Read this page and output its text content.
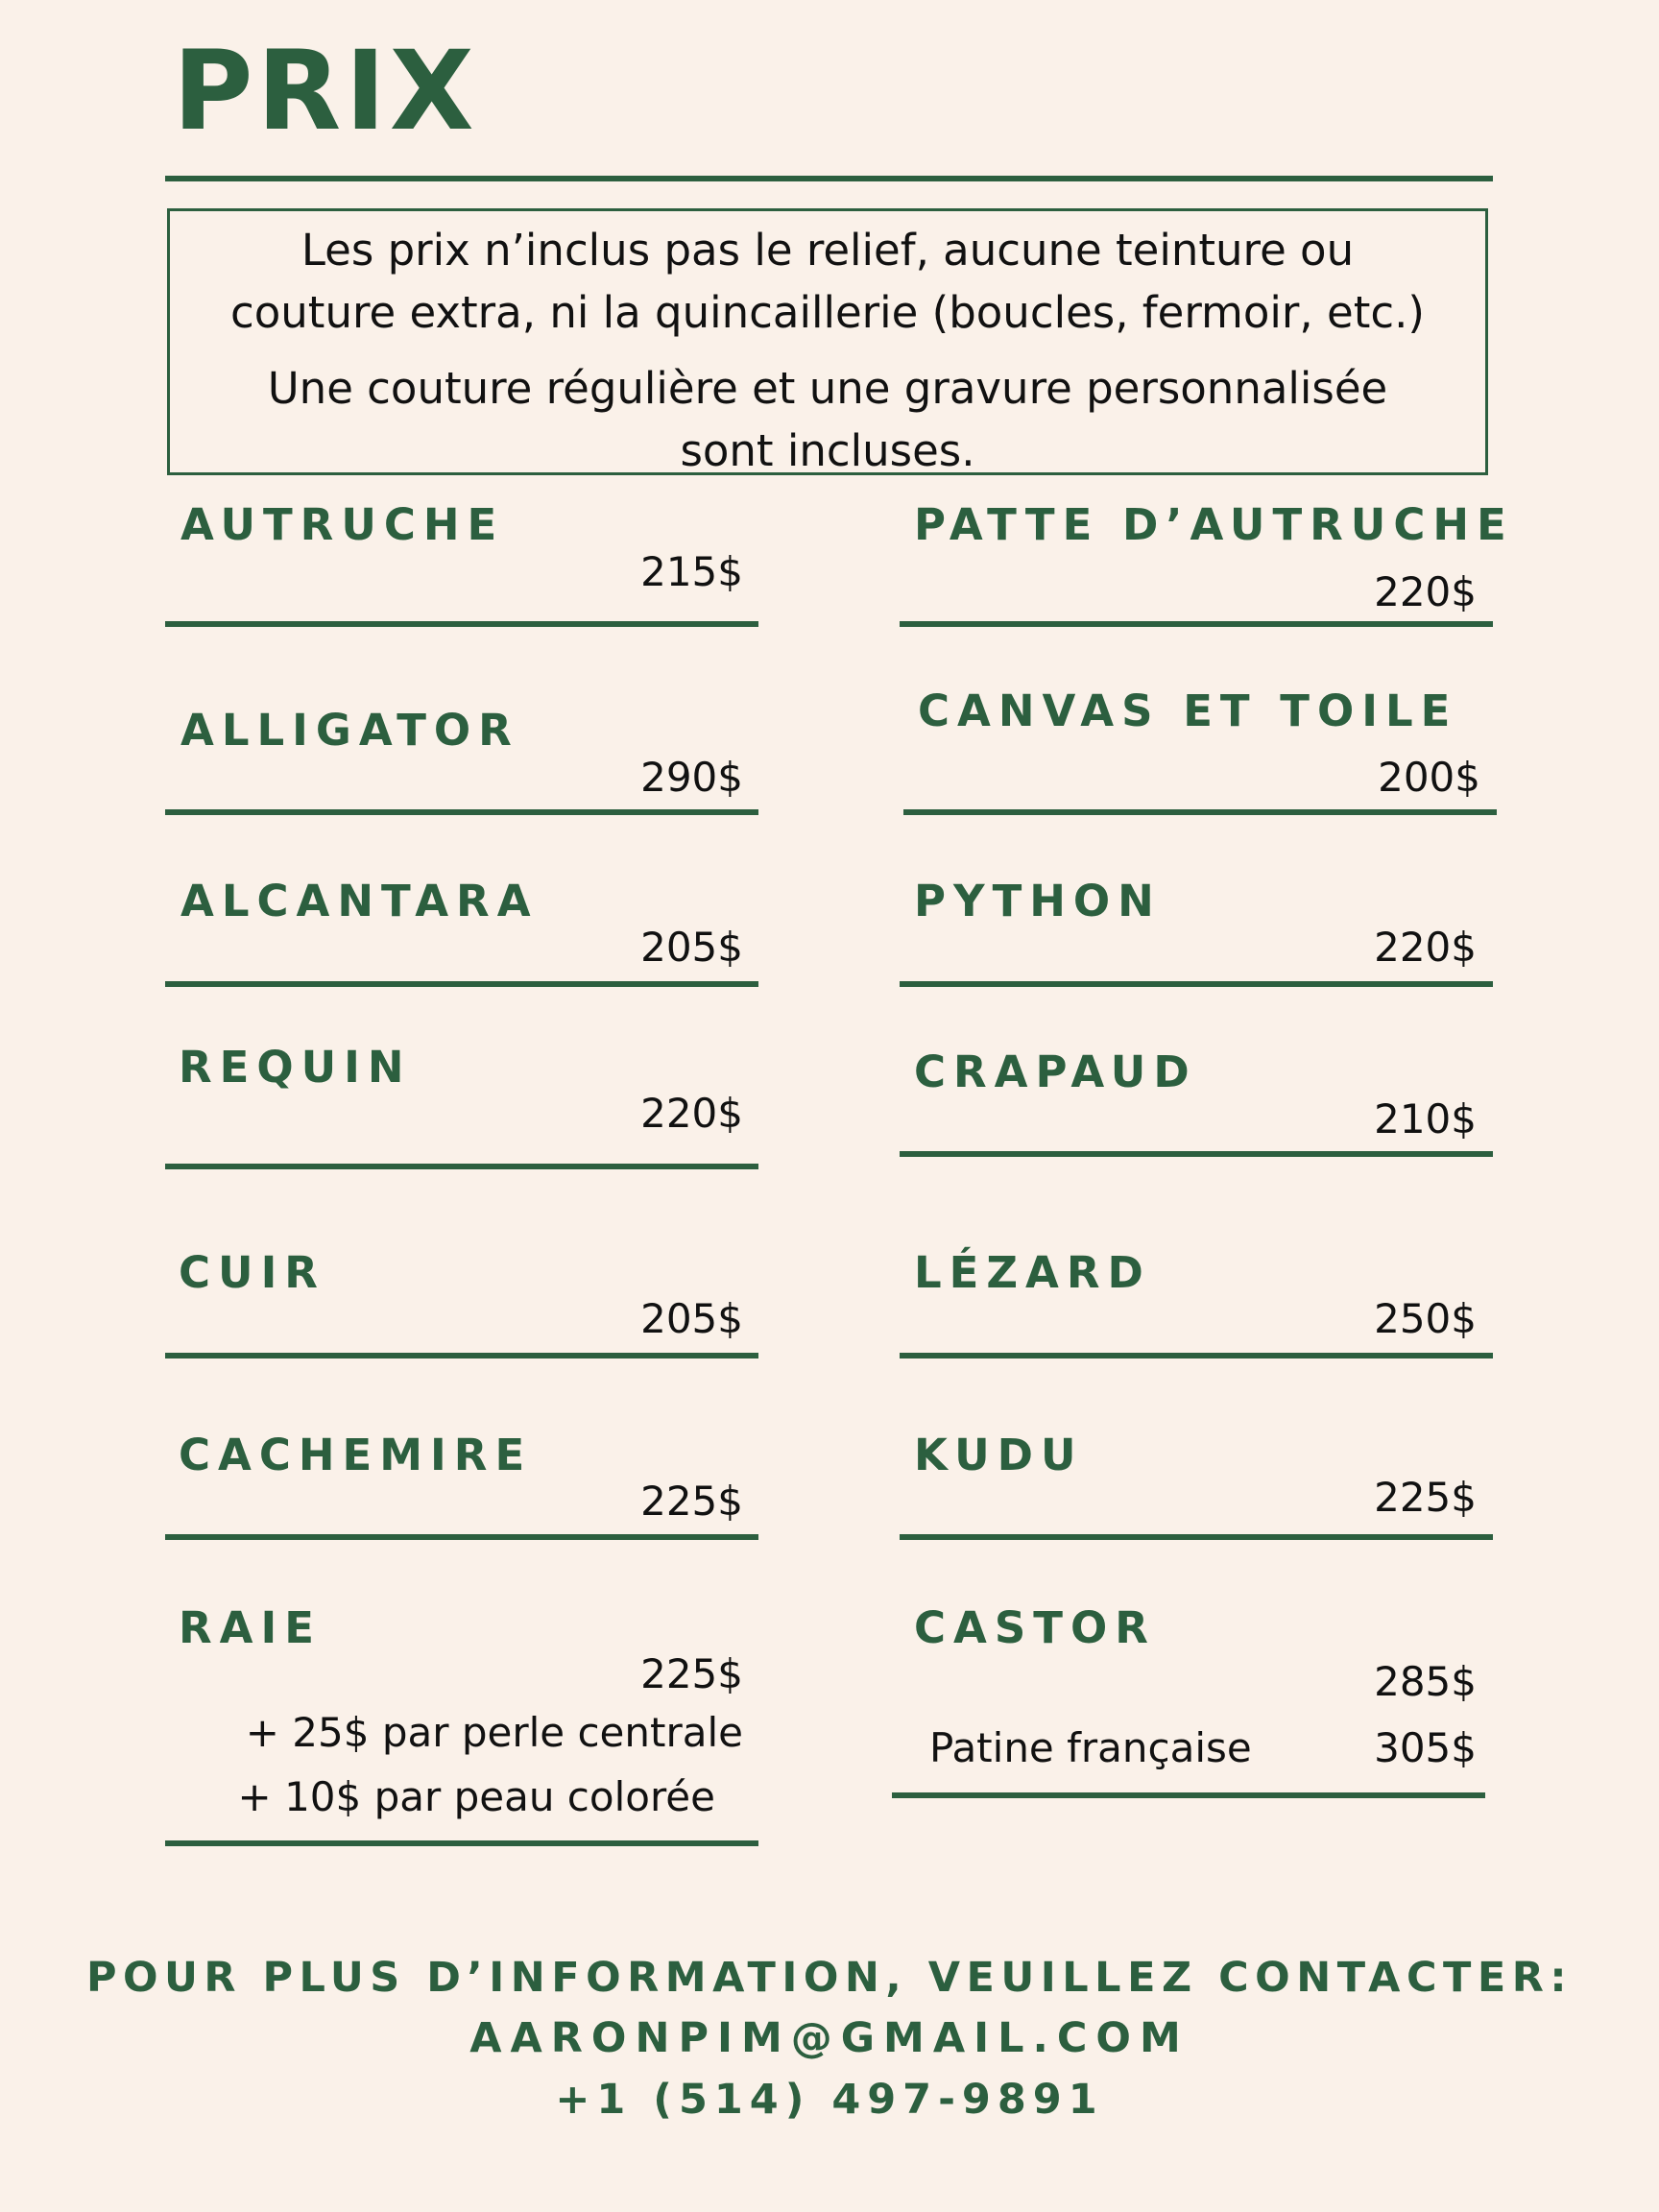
PRIX

Les prix n’inclus pas le relief, aucune teinture ou

couture extra, ni la quincaillerie (boucles, fermoir, etc.)

Une couture régulière et une gravure personnalisée

sont incluses.

AUTRUCHE
215$
ALLIGATOR
290$
ALCANTARA
205$
REQUIN
220$
CUIR
205$
CACHEMIRE
225$
RAIE
225$
+ 25$ par perle centrale
+ 10$ par peau colorée
PATTE D’AUTRUCHE
220$
CANVAS ET TOILE
200$
PYTHON
220$
CRAPAUD
210$
LÉZARD
250$
KUDU
225$
CASTOR
285$
Patine française	305$
POUR PLUS D’INFORMATION, VEUILLEZ CONTACTER:
AARONPIM@GMAIL.COM
+1 (514) 497-9891
